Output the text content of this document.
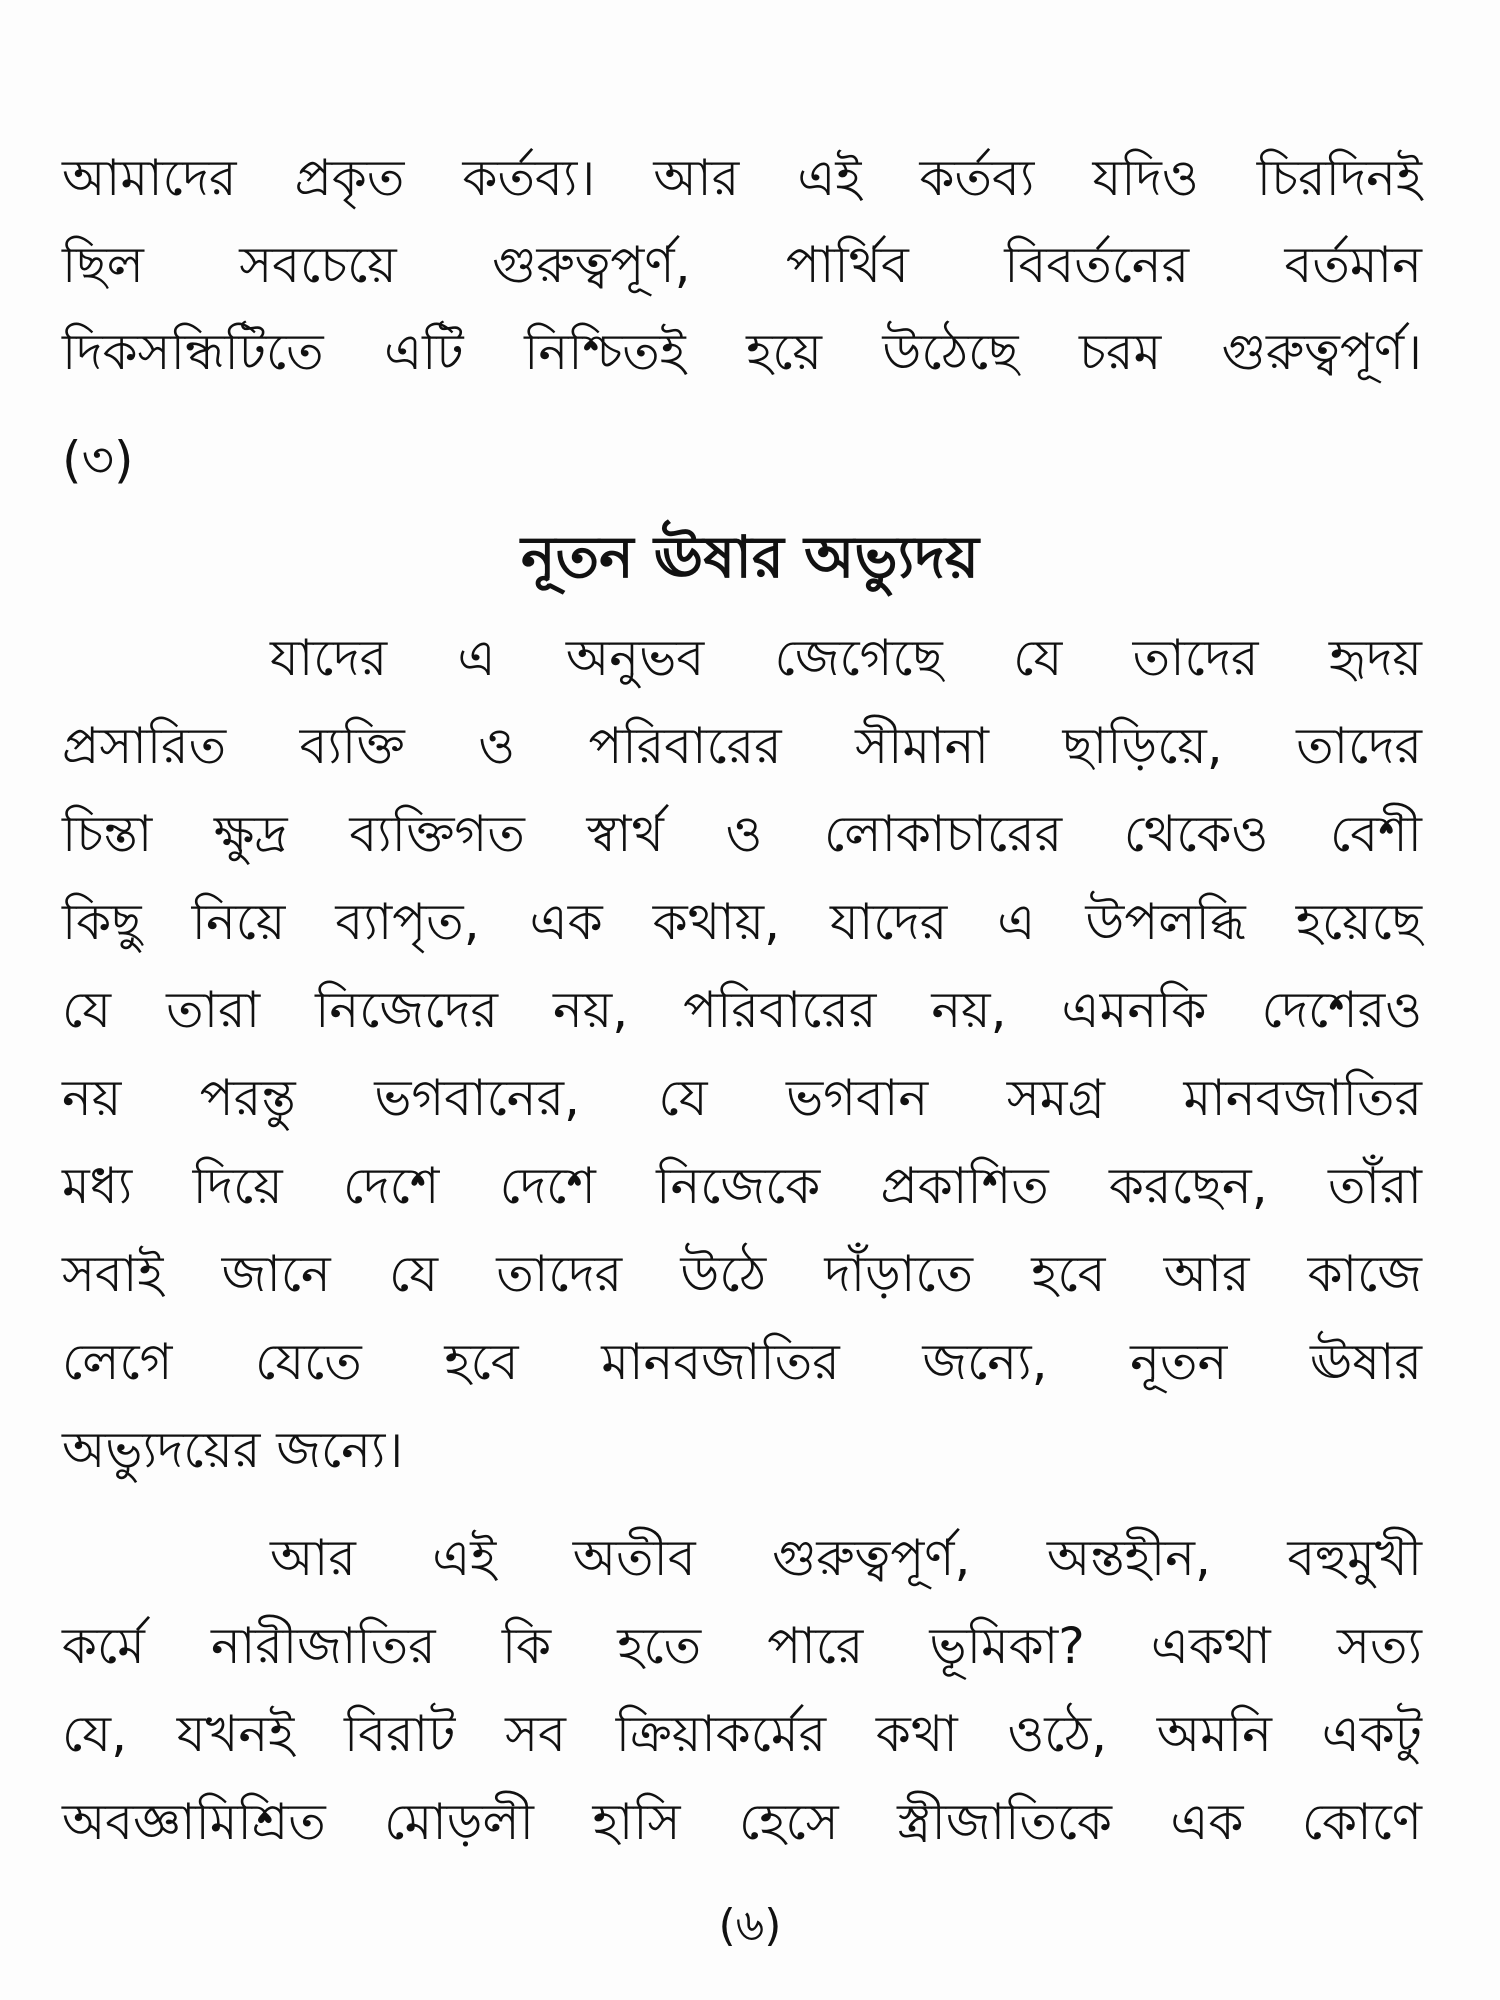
আমাদের প্রকৃত কর্তব্য। আর এই কর্তব্য যদিও চিরদিনই
ছিল সবচেয়ে গুরুত্বপূর্ণ, পার্থিব বিবর্তনের বর্তমান
দিকসন্ধিটিতে এটি নিশ্চিতই হয়ে উঠেছে চরম গুরুত্বপূর্ণ।
(৩)
নূতন ঊষার অভ্যুদয়
যাদের এ অনুভব জেগেছে যে তাদের হৃদয়
প্রসারিত ব্যক্তি ও পরিবারের সীমানা ছাড়িয়ে, তাদের
চিন্তা ক্ষুদ্র ব্যক্তিগত স্বার্থ ও লোকাচারের থেকেও বেশী
কিছু নিয়ে ব্যাপৃত, এক কথায়, যাদের এ উপলব্ধি হয়েছে
যে তারা নিজেদের নয়, পরিবারের নয়, এমনকি দেশেরও
নয় পরন্তু ভগবানের, যে ভগবান সমগ্র মানবজাতির
মধ্য দিয়ে দেশে দেশে নিজেকে প্রকাশিত করছেন, তাঁরা
সবাই জানে যে তাদের উঠে দাঁড়াতে হবে আর কাজে
লেগে যেতে হবে মানবজাতির জন্যে, নূতন ঊষার
অভ্যুদয়ের জন্যে।
আর এই অতীব গুরুত্বপূর্ণ, অন্তহীন, বহুমুখী
কর্মে নারীজাতির কি হতে পারে ভূমিকা? একথা সত্য
যে, যখনই বিরাট সব ক্রিয়াকর্মের কথা ওঠে, অমনি একটু
অবজ্ঞামিশ্রিত মোড়লী হাসি হেসে স্ত্রীজাতিকে এক কোণে
(৬)
